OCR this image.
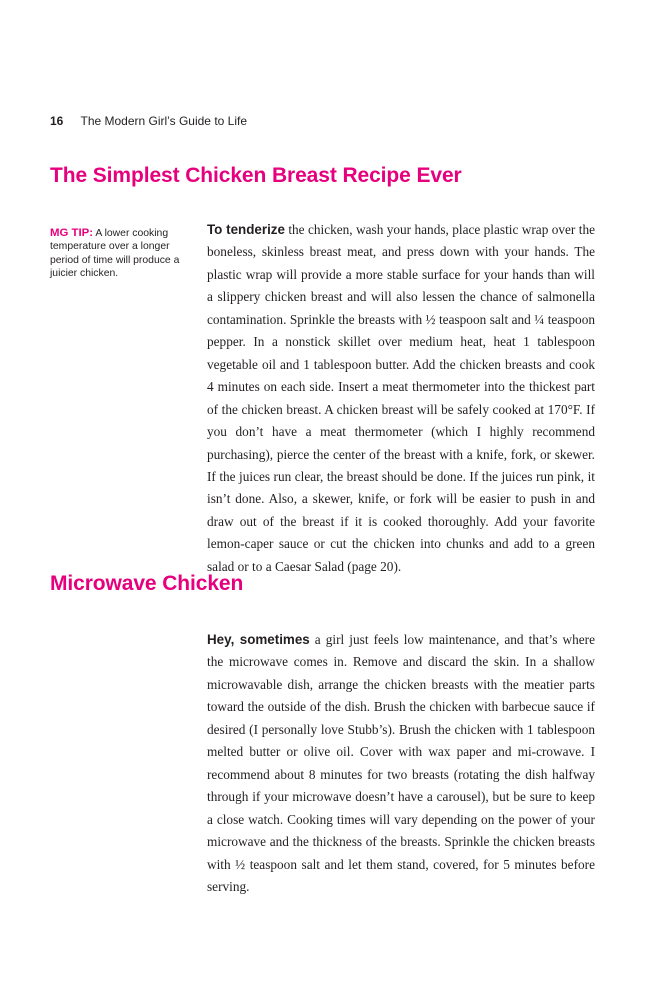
16 The Modern Girl’s Guide to Life
The Simplest Chicken Breast Recipe Ever
MG TIP: A lower cooking temperature over a longer period of time will produce a juicier chicken.

To tenderize the chicken, wash your hands, place plastic wrap over the boneless, skinless breast meat, and press down with your hands. The plastic wrap will provide a more stable surface for your hands than will a slippery chicken breast and will also lessen the chance of salmonella contamination. Sprinkle the breasts with ½ teaspoon salt and ¼ teaspoon pepper. In a nonstick skillet over medium heat, heat 1 tablespoon vegetable oil and 1 tablespoon butter. Add the chicken breasts and cook 4 minutes on each side. Insert a meat thermometer into the thickest part of the chicken breast. A chicken breast will be safely cooked at 170°F. If you don’t have a meat thermometer (which I highly recommend purchasing), pierce the center of the breast with a knife, fork, or skewer. If the juices run clear, the breast should be done. If the juices run pink, it isn’t done. Also, a skewer, knife, or fork will be easier to push in and draw out of the breast if it is cooked thoroughly. Add your favorite lemon-caper sauce or cut the chicken into chunks and add to a green salad or to a Caesar Salad (page 20).

Microwave Chicken

Hey, sometimes a girl just feels low maintenance, and that’s where the microwave comes in. Remove and discard the skin. In a shallow microwavable dish, arrange the chicken breasts with the meatier parts toward the outside of the dish. Brush the chicken with barbecue sauce if desired (I personally love Stubb’s). Brush the chicken with 1 tablespoon melted butter or olive oil. Cover with wax paper and mi-crowave. I recommend about 8 minutes for two breasts (rotating the dish halfway through if your microwave doesn’t have a carousel), but be sure to keep a close watch. Cooking times will vary depending on the power of your microwave and the thickness of the breasts. Sprinkle the chicken breasts with ½ teaspoon salt and let them stand, covered, for 5 minutes before serving.
